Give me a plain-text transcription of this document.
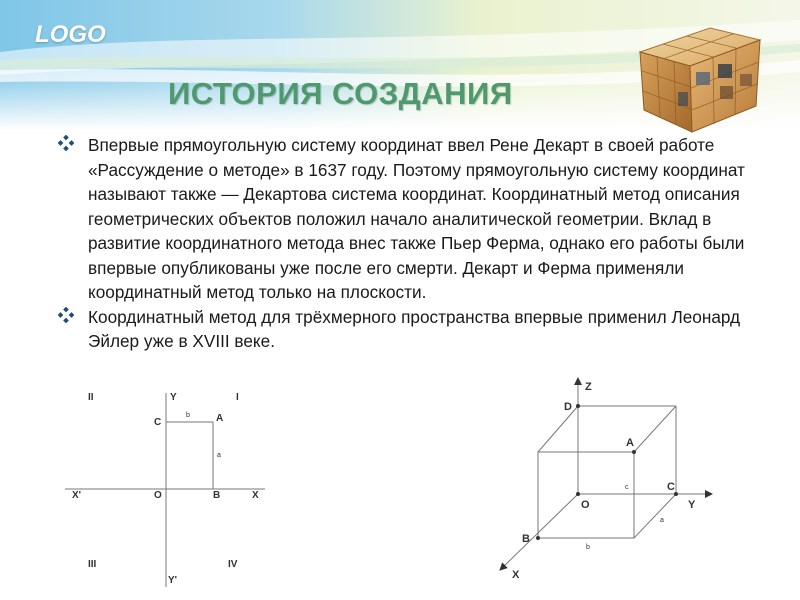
LOGO
ИСТОРИЯ СОЗДАНИЯ
Впервые прямоугольную систему координат ввел Рене Декарт в своей работе «Рассуждение о методе» в 1637 году. Поэтому прямоугольную систему координат называют также — Декартова система координат. Координатный метод описания геометрических объектов положил начало аналитической геометрии. Вклад в развитие координатного метода внес также Пьер Ферма, однако его работы были впервые опубликованы уже после его смерти. Декарт и Ферма применяли координатный метод только на плоскости.
Координатный метод для трёхмерного пространства впервые применил Леонард Эйлер уже в XVIII веке.
II	I
Y
C
b	A
a
X'	O	B	X
III	IV
Y'
Z
D
A
c	C
Y
O
a
B
b
X
